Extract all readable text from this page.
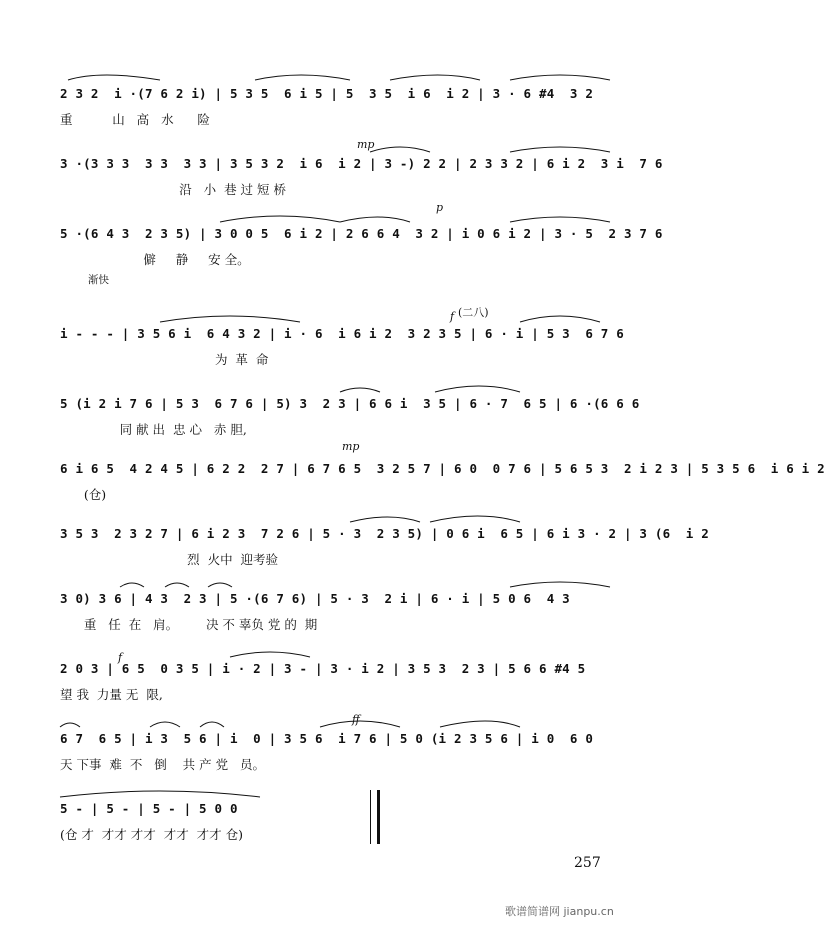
渐快
mp
p
f (二八)
mp
f
ff
2 3 2  i ·(7 6 2 i) | 5 3 5  6 i 5 | 5  3 5  i 6  i 2 | 3 · 6 #4  3 2
重          山   高   水      险
3 ·(3 3 3  3 3  3 3 | 3 5 3 2  i 6  i 2 | 3 -) 2 2 | 2 3 3 2 | 6 i 2  3 i  7 6
沿   小  巷 过 短 桥
5 ·(6 4 3  2 3 5) | 3 0 0 5  6 i 2 | 2 6 6 4  3 2 | i 0 6 i 2 | 3 · 5  2 3 7 6
僻     静     安 全。
i - - - | 3 5 6 i  6 4 3 2 | i · 6  i 6 i 2  3 2 3 5 | 6 · i | 5 3  6 7 6
为  革  命
5 (i 2 i 7 6 | 5 3  6 7 6 | 5) 3  2 3 | 6 6 i  3 5 | 6 · 7  6 5 | 6 ·(6 6 6
同 献 出  忠 心   赤 胆,
6 i 6 5  4 2 4 5 | 6 2 2  2 7 | 6 7 6 5  3 2 5 7 | 6 0  0 7 6 | 5 6 5 3  2 i 2 3 | 5 3 5 6  i 6 i 2
(仓)
3 5 3  2 3 2 7 | 6 i 2 3  7 2 6 | 5 · 3  2 3 5) | 0 6 i  6 5 | 6 i 3 · 2 | 3 (6  i 2
烈  火中  迎考验
3 0) 3 6 | 4 3  2 3 | 5 ·(6 7 6) | 5 · 3  2 i | 6 · i | 5 0 6  4 3
重   任  在   肩。       决 不 辜负 党 的  期
2 0 3 | 6 5  0 3 5 | i · 2 | 3 - | 3 · i 2 | 3 5 3  2 3 | 5 6 6 #4 5
望 我  力量 无  限,
6 7  6 5 | i 3  5 6 | i  0 | 3 5 6  i 7 6 | 5 0 (i 2 3 5 6 | i 0  6 0
天 下事  难  不   倒    共 产 党   员。
5 - | 5 - | 5 - | 5 0 0
(仓 才  才才 才才  才才  才才 仓)
257
歌谱简谱网 jianpu.cn
